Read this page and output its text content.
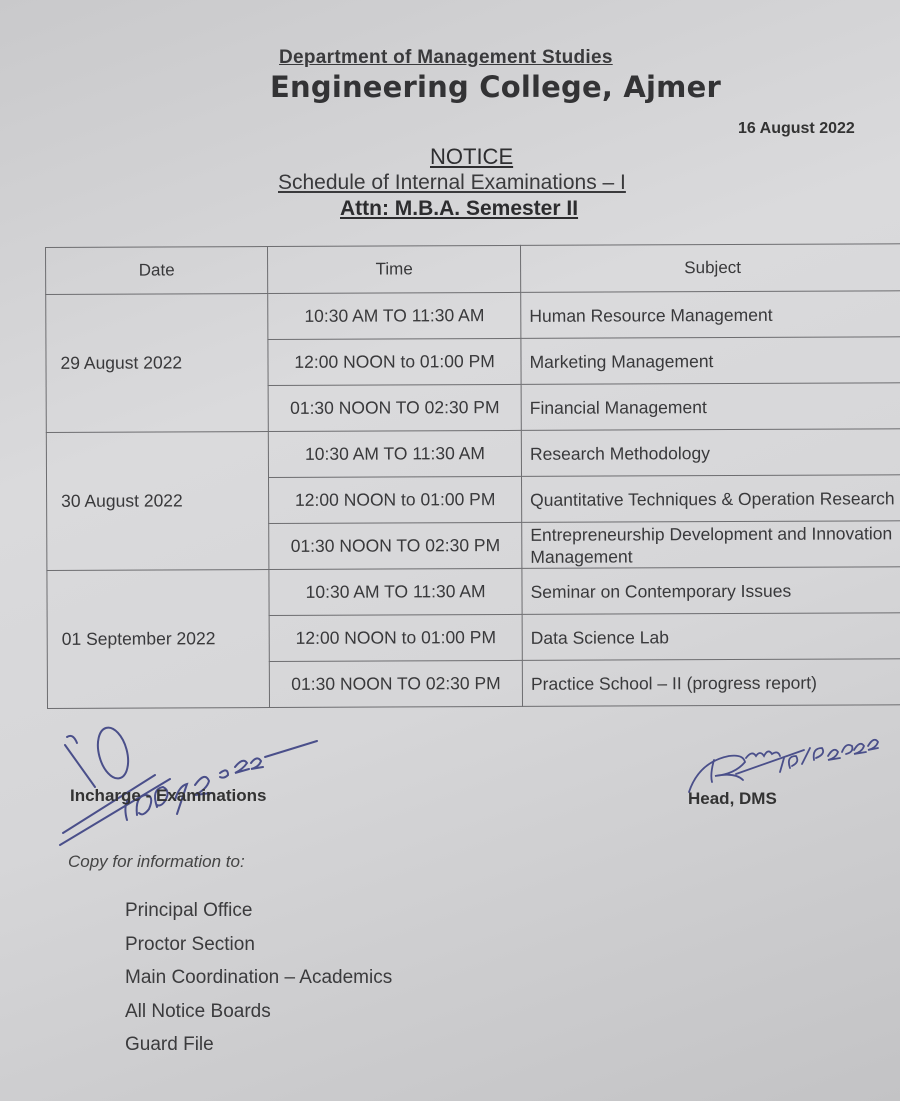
Department of Management Studies
Engineering College, Ajmer
16 August 2022
NOTICE
Schedule of Internal Examinations – I
Attn: M.B.A. Semester II
Date	Time	Subject
29 August 2022	10:30 AM TO 11:30 AM	Human Resource Management
	12:00 NOON to 01:00 PM	Marketing Management
	01:30 NOON TO 02:30 PM	Financial Management
30 August 2022	10:30 AM TO 11:30 AM	Research Methodology
	12:00 NOON to 01:00 PM	Quantitative Techniques & Operation Research
	01:30 NOON TO 02:30 PM	Entrepreneurship Development and Innovation Management
01 September 2022	10:30 AM TO 11:30 AM	Seminar on Contemporary Issues
	12:00 NOON to 01:00 PM	Data Science Lab
	01:30 NOON TO 02:30 PM	Practice School – II (progress report)
Incharge - Examinations	Head, DMS
Copy for information to:
Principal Office
Proctor Section
Main Coordination – Academics
All Notice Boards
Guard File
